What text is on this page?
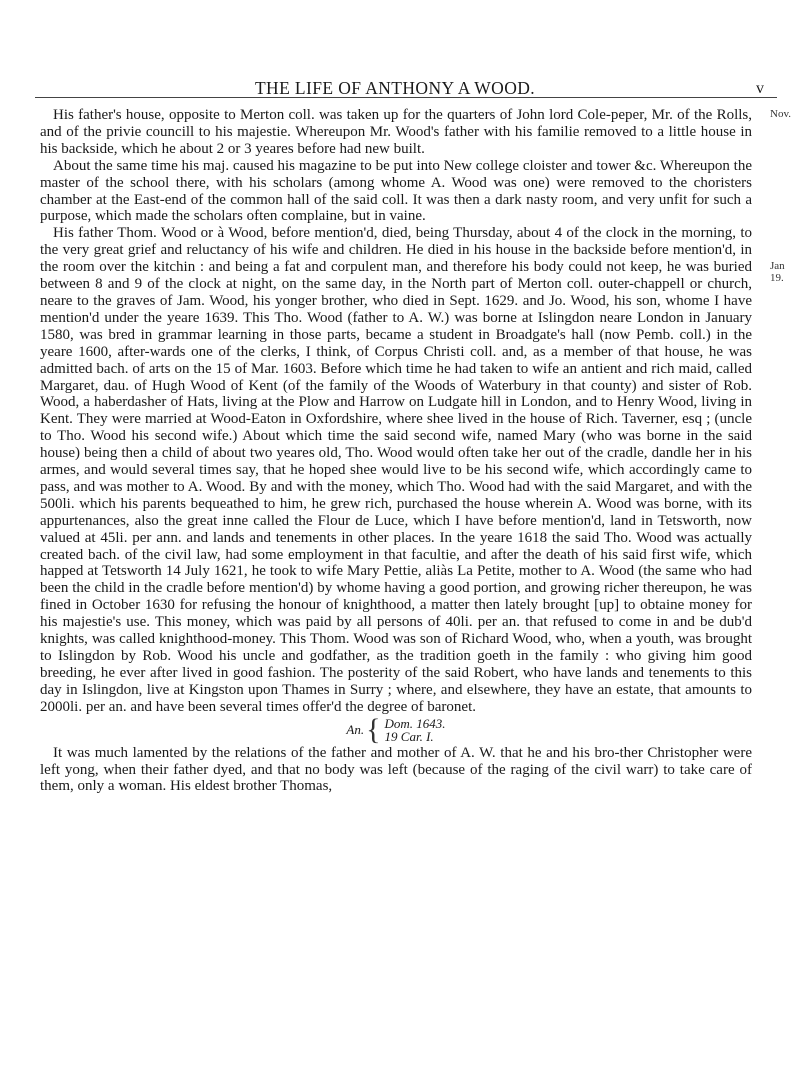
THE LIFE OF ANTHONY A WOOD.	v
Nov.
Jan 19.

His father's house, opposite to Merton coll. was taken up for the quarters of John lord Cole-peper, Mr. of the Rolls, and of the privie councill to his majestie. Whereupon Mr. Wood's father with his familie removed to a little house in his backside, which he about 2 or 3 yeares before had new built.

About the same time his maj. caused his magazine to be put into New college cloister and tower &c. Whereupon the master of the school there, with his scholars (among whome A. Wood was one) were removed to the choristers chamber at the East-end of the common hall of the said coll. It was then a dark nasty room, and very unfit for such a purpose, which made the scholars often complaine, but in vaine.

His father Thom. Wood or à Wood, before mention'd, died, being Thursday, about 4 of the clock in the morning, to the very great grief and reluctancy of his wife and children. He died in his house in the backside before mention'd, in the room over the kitchin : and being a fat and corpulent man, and therefore his body could not keep, he was buried between 8 and 9 of the clock at night, on the same day, in the North part of Merton coll. outer-chappell or church, neare to the graves of Jam. Wood, his yonger brother, who died in Sept. 1629. and Jo. Wood, his son, whome I have mention'd under the yeare 1639. This Tho. Wood (father to A. W.) was borne at Islingdon neare London in January 1580, was bred in grammar learning in those parts, became a student in Broadgate's hall (now Pemb. coll.) in the yeare 1600, after-wards one of the clerks, I think, of Corpus Christi coll. and, as a member of that house, he was admitted bach. of arts on the 15 of Mar. 1603. Before which time he had taken to wife an antient and rich maid, called Margaret, dau. of Hugh Wood of Kent (of the family of the Woods of Waterbury in that county) and sister of Rob. Wood, a haberdasher of Hats, living at the Plow and Harrow on Ludgate hill in London, and to Henry Wood, living in Kent. They were married at Wood-Eaton in Oxfordshire, where shee lived in the house of Rich. Taverner, esq ; (uncle to Tho. Wood his second wife.) About which time the said second wife, named Mary (who was borne in the said house) being then a child of about two yeares old, Tho. Wood would often take her out of the cradle, dandle her in his armes, and would several times say, that he hoped shee would live to be his second wife, which accordingly came to pass, and was mother to A. Wood. By and with the money, which Tho. Wood had with the said Margaret, and with the 500li. which his parents bequeathed to him, he grew rich, purchased the house wherein A. Wood was borne, with its appurtenances, also the great inne called the Flour de Luce, which I have before mention'd, land in Tetsworth, now valued at 45li. per ann. and lands and tenements in other places. In the yeare 1618 the said Tho. Wood was actually created bach. of the civil law, had some employment in that facultie, and after the death of his said first wife, which happed at Tetsworth 14 July 1621, he took to wife Mary Pettie, aliàs La Petite, mother to A. Wood (the same who had been the child in the cradle before mention'd) by whome having a good portion, and growing richer thereupon, he was fined in October 1630 for refusing the honour of knighthood, a matter then lately brought [up] to obtaine money for his majestie's use. This money, which was paid by all persons of 40li. per an. that refused to come in and be dub'd knights, was called knighthood-money. This Thom. Wood was son of Richard Wood, who, when a youth, was brought to Islingdon by Rob. Wood his uncle and godfather, as the tradition goeth in the family : who giving him good breeding, he ever after lived in good fashion. The posterity of the said Robert, who have lands and tenements to this day in Islingdon, live at Kingston upon Thames in Surry ; where, and elsewhere, they have an estate, that amounts to 2000li. per an. and have been several times offer'd the degree of baronet.

An. { Dom. 1643.
19 Car. I.

It was much lamented by the relations of the father and mother of A. W. that he and his bro-ther Christopher were left yong, when their father dyed, and that no body was left (because of the raging of the civil warr) to take care of them, only a woman. His eldest brother Thomas,
